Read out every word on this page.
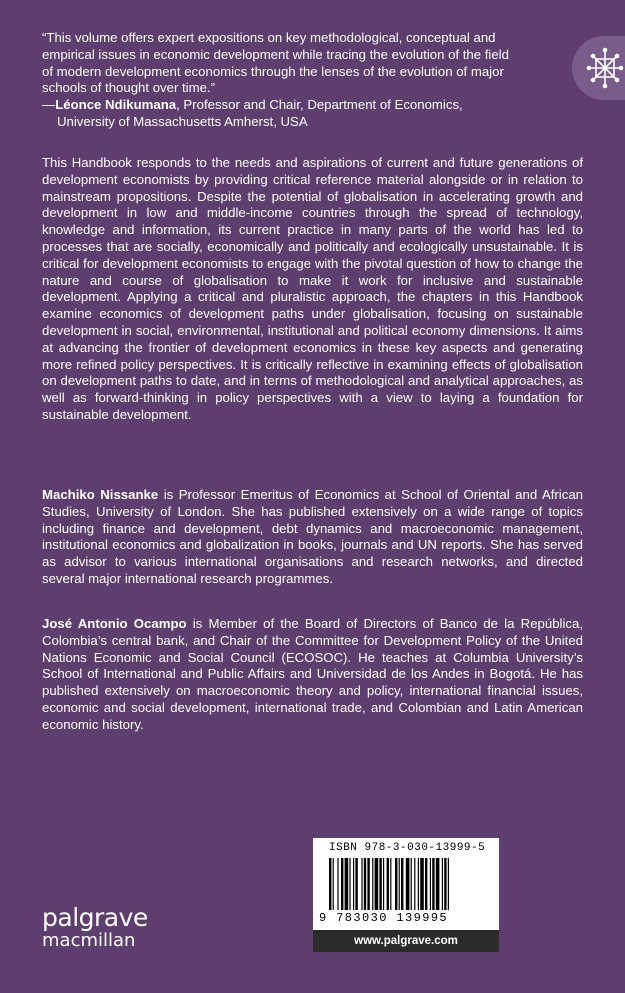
“This volume offers expert expositions on key methodological, conceptual and empirical issues in economic development while tracing the evolution of the field of modern development economics through the lenses of the evolution of major schools of thought over time.”

—Léonce Ndikumana, Professor and Chair, Department of Economics,
University of Massachusetts Amherst, USA

This Handbook responds to the needs and aspirations of current and future generations of development economists by providing critical reference material alongside or in relation to mainstream propositions. Despite the potential of globalisation in accelerating growth and development in low and middle-income countries through the spread of technology, knowledge and information, its current practice in many parts of the world has led to processes that are socially, economically and politically and ecologically unsustainable. It is critical for development economists to engage with the pivotal question of how to change the nature and course of globalisation to make it work for inclusive and sustainable development. Applying a critical and pluralistic approach, the chapters in this Handbook examine economics of development paths under globalisation, focusing on sustainable development in social, environmental, institutional and political economy dimensions. It aims at advancing the frontier of development economics in these key aspects and generating more refined policy perspectives. It is critically reflective in examining effects of globalisation on development paths to date, and in terms of methodological and analytical approaches, as well as forward-thinking in policy perspectives with a view to laying a foundation for sustainable development.
Machiko Nissanke is Professor Emeritus of Economics at School of Oriental and African Studies, University of London. She has published extensively on a wide range of topics including finance and development, debt dynamics and macroeconomic management, institutional economics and globalization in books, journals and UN reports. She has served as advisor to various international organisations and research networks, and directed several major international research programmes.
José Antonio Ocampo is Member of the Board of Directors of Banco de la República, Colombia’s central bank, and Chair of the Committee for Development Policy of the United Nations Economic and Social Council (ECOSOC). He teaches at Columbia University’s School of International and Public Affairs and Universidad de los Andes in Bogotá. He has published extensively on macroeconomic theory and policy, international financial issues, economic and social development, international trade, and Colombian and Latin American economic history.
ISBN 978-3-030-13999-5
9 783030 139995
www.palgrave.com
palgrave
macmillan
